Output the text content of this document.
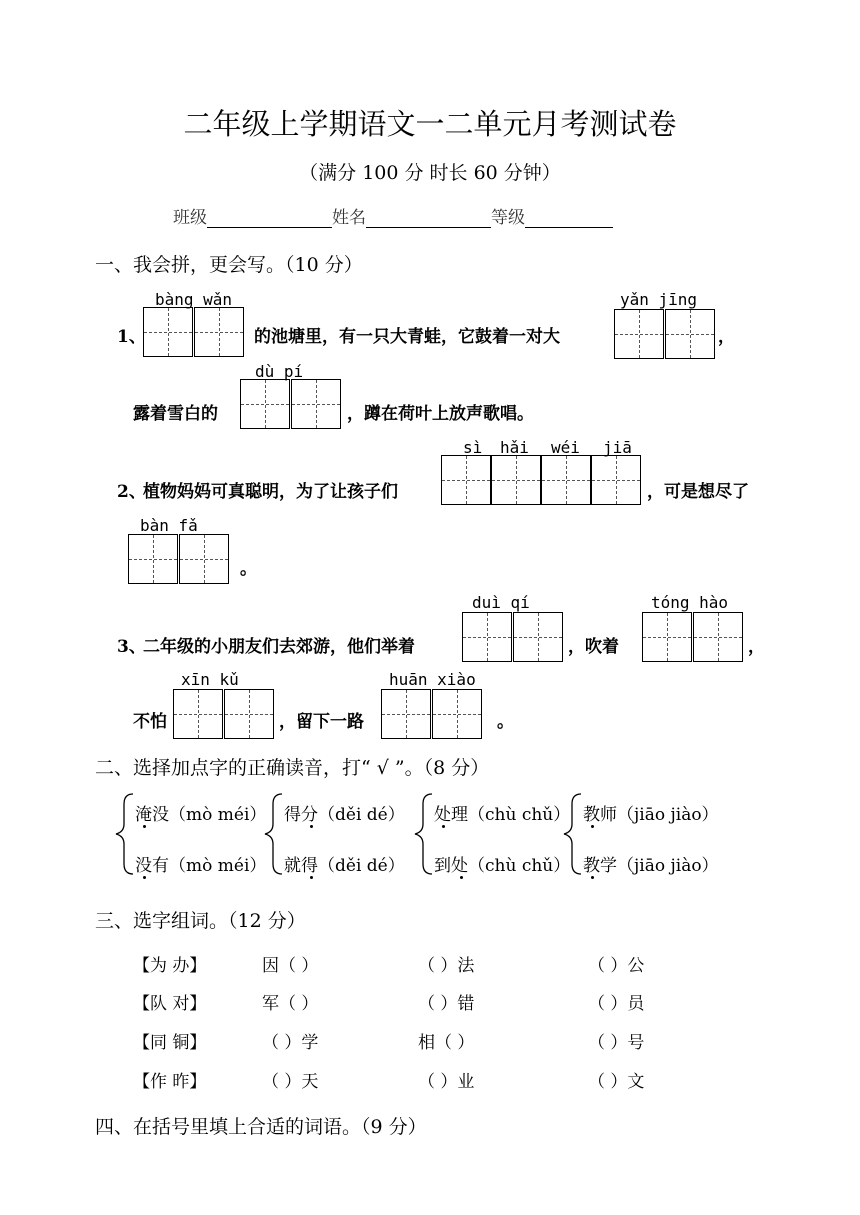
二年级上学期语文一二单元月考测试卷
（满分 100 分 时长 60 分钟）
班级	姓名	等级
一、我会拼，更会写。（10 分）
1、
bàng wǎn
的池塘里，有一只大青蛙，它鼓着一对大
yǎn jīng
，
dù pí
露着雪白的	，蹲在荷叶上放声歌唱。
2、
植物妈妈可真聪明，为了让孩子们
sì hǎi wéi jiā
，可是想尽了
bàn fǎ
。
3、
二年级的小朋友们去郊游，他们举着
duì qí
，吹着
tóng hào
，
不怕
xīn kǔ
，留下一路
huān xiào
。
二、选择加点字的正确读音，打“ √ ”。（8 分）
淹没（mò méi）
没有（mò méi）
得分（děi dé）
就得（děi dé）
处理（chù chǔ）
到处（chù chǔ）
教师（jiāo jiào）
教学（jiāo jiào）
三、选字组词。（12 分）
【为 办】	因（ ）	（ ）法	（ ）公
【队 对】	军（ ）	（ ）错	（ ）员
【同 铜】	（ ）学	相（ ）	（ ）号
【作 昨】	（ ）天	（ ）业	（ ）文
四、在括号里填上合适的词语。（9 分）
